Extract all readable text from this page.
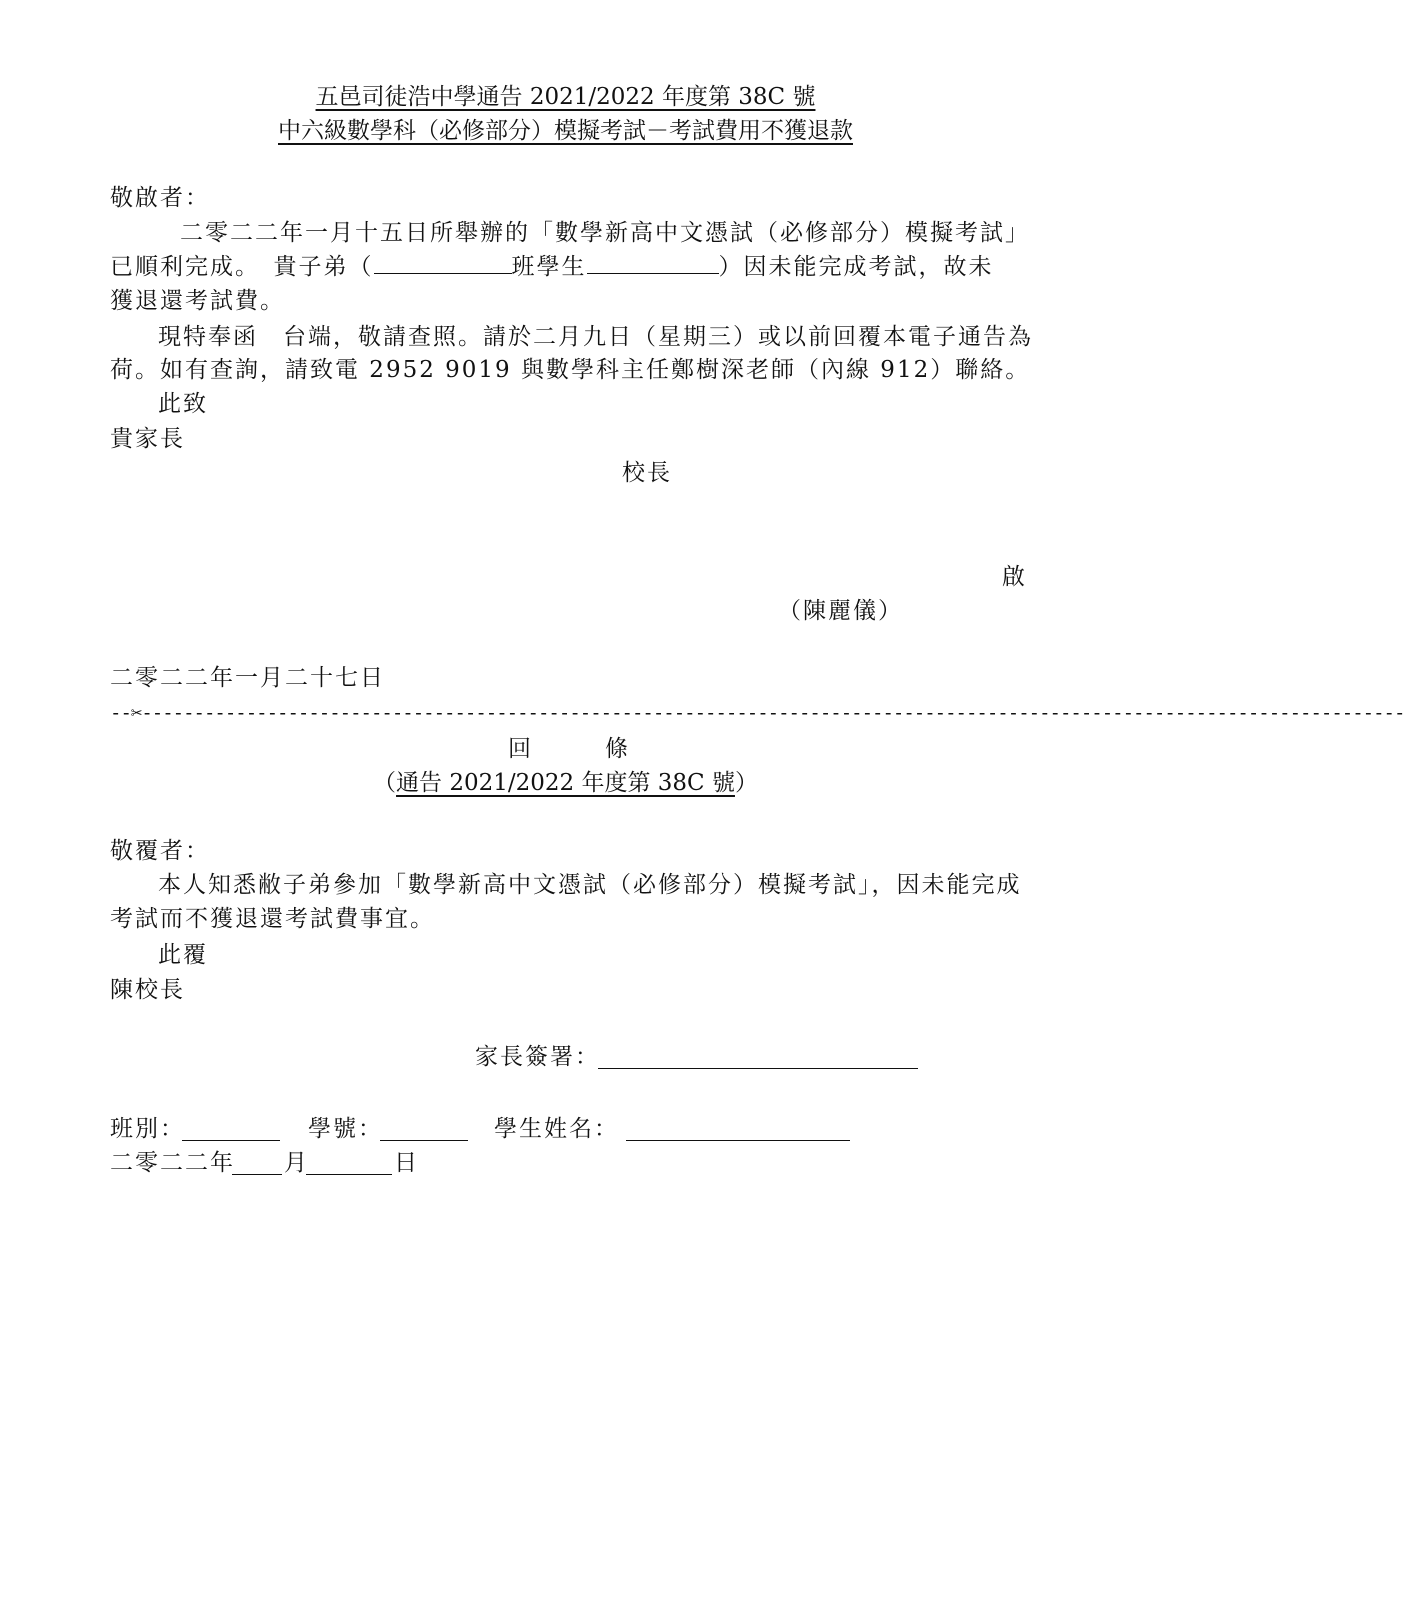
五邑司徒浩中學通告 2021/2022 年度第 38C 號
中六級數學科（必修部分）模擬考試－考試費用不獲退款
敬啟者：
二零二二年一月十五日所舉辦的「數學新高中文憑試（必修部分）模擬考試」
已順利完成。　貴子弟（	班學生	）因未能完成考試，故未
獲退還考試費。
現特奉函　台端，敬請查照。請於二月九日（星期三）或以前回覆本電子通告為
荷。如有查詢，請致電 2952 9019 與數學科主任鄭樹深老師（內線 912）聯絡。
此致
貴家長
校長
啟
（陳麗儀）
二零二二年一月二十七日
--✂-------------------------------------------------------------------------------------------------------------------------
回	條
（通告 2021/2022 年度第 38C 號）
敬覆者：
本人知悉敝子弟參加「數學新高中文憑試（必修部分）模擬考試」，因未能完成
考試而不獲退還考試費事宜。
此覆
陳校長
家長簽署：
班別：	學號：	學生姓名：
二零二二年 月	日
